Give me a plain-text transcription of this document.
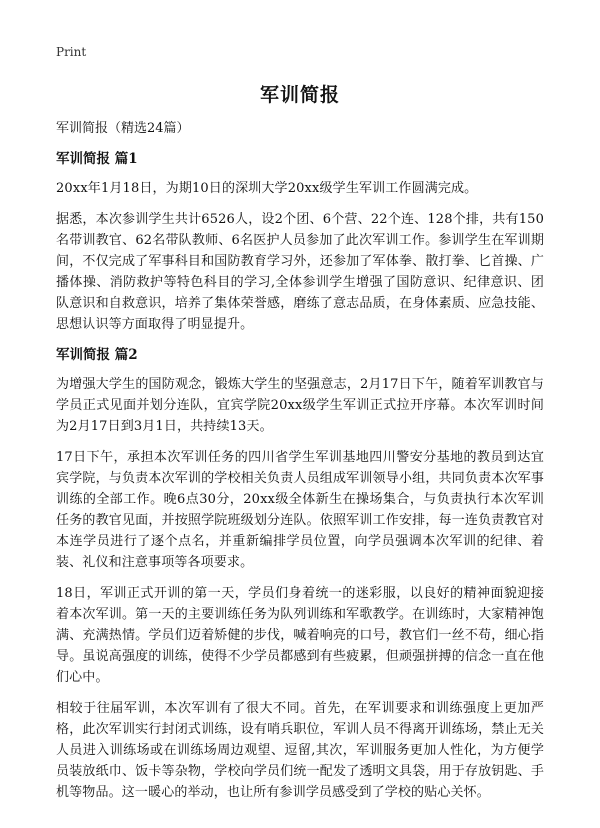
Print
军训简报

军训简报（精选24篇）

军训简报 篇1

20xx年1月18日，为期10日的深圳大学20xx级学生军训工作圆满完成。

据悉，本次参训学生共计6526人，设2个团、6个营、22个连、128个排，共有150名带训教官、62名带队教师、6名医护人员参加了此次军训工作。参训学生在军训期间，不仅完成了军事科目和国防教育学习外，还参加了军体拳、散打拳、匕首操、广播体操、消防救护等特色科目的学习,全体参训学生增强了国防意识、纪律意识、团队意识和自救意识，培养了集体荣誉感，磨练了意志品质，在身体素质、应急技能、思想认识等方面取得了明显提升。

军训简报 篇2

为增强大学生的国防观念，锻炼大学生的坚强意志，2月17日下午，随着军训教官与学员正式见面并划分连队，宜宾学院20xx级学生军训正式拉开序幕。本次军训时间为2月17日到3月1日，共持续13天。

17日下午，承担本次军训任务的四川省学生军训基地四川警安分基地的教员到达宜宾学院，与负责本次军训的学校相关负责人员组成军训领导小组，共同负责本次军事训练的全部工作。晚6点30分，20xx级全体新生在操场集合，与负责执行本次军训任务的教官见面，并按照学院班级划分连队。依照军训工作安排，每一连负责教官对本连学员进行了逐个点名，并重新编排学员位置，向学员强调本次军训的纪律、着装、礼仪和注意事项等各项要求。

18日，军训正式开训的第一天，学员们身着统一的迷彩服，以良好的精神面貌迎接着本次军训。第一天的主要训练任务为队列训练和军歌教学。在训练时，大家精神饱满、充满热情。学员们迈着矫健的步伐，喊着响亮的口号，教官们一丝不苟，细心指导。虽说高强度的训练，使得不少学员都感到有些疲累，但顽强拼搏的信念一直在他们心中。

相较于往届军训，本次军训有了很大不同。首先，在军训要求和训练强度上更加严格，此次军训实行封闭式训练，设有哨兵职位，军训人员不得离开训练场，禁止无关人员进入训练场或在训练场周边观望、逗留,其次，军训服务更加人性化，为方便学员装放纸巾、饭卡等杂物，学校向学员们统一配发了透明文具袋，用于存放钥匙、手机等物品。这一暖心的举动，也让所有参训学员感受到了学校的贴心关怀。
